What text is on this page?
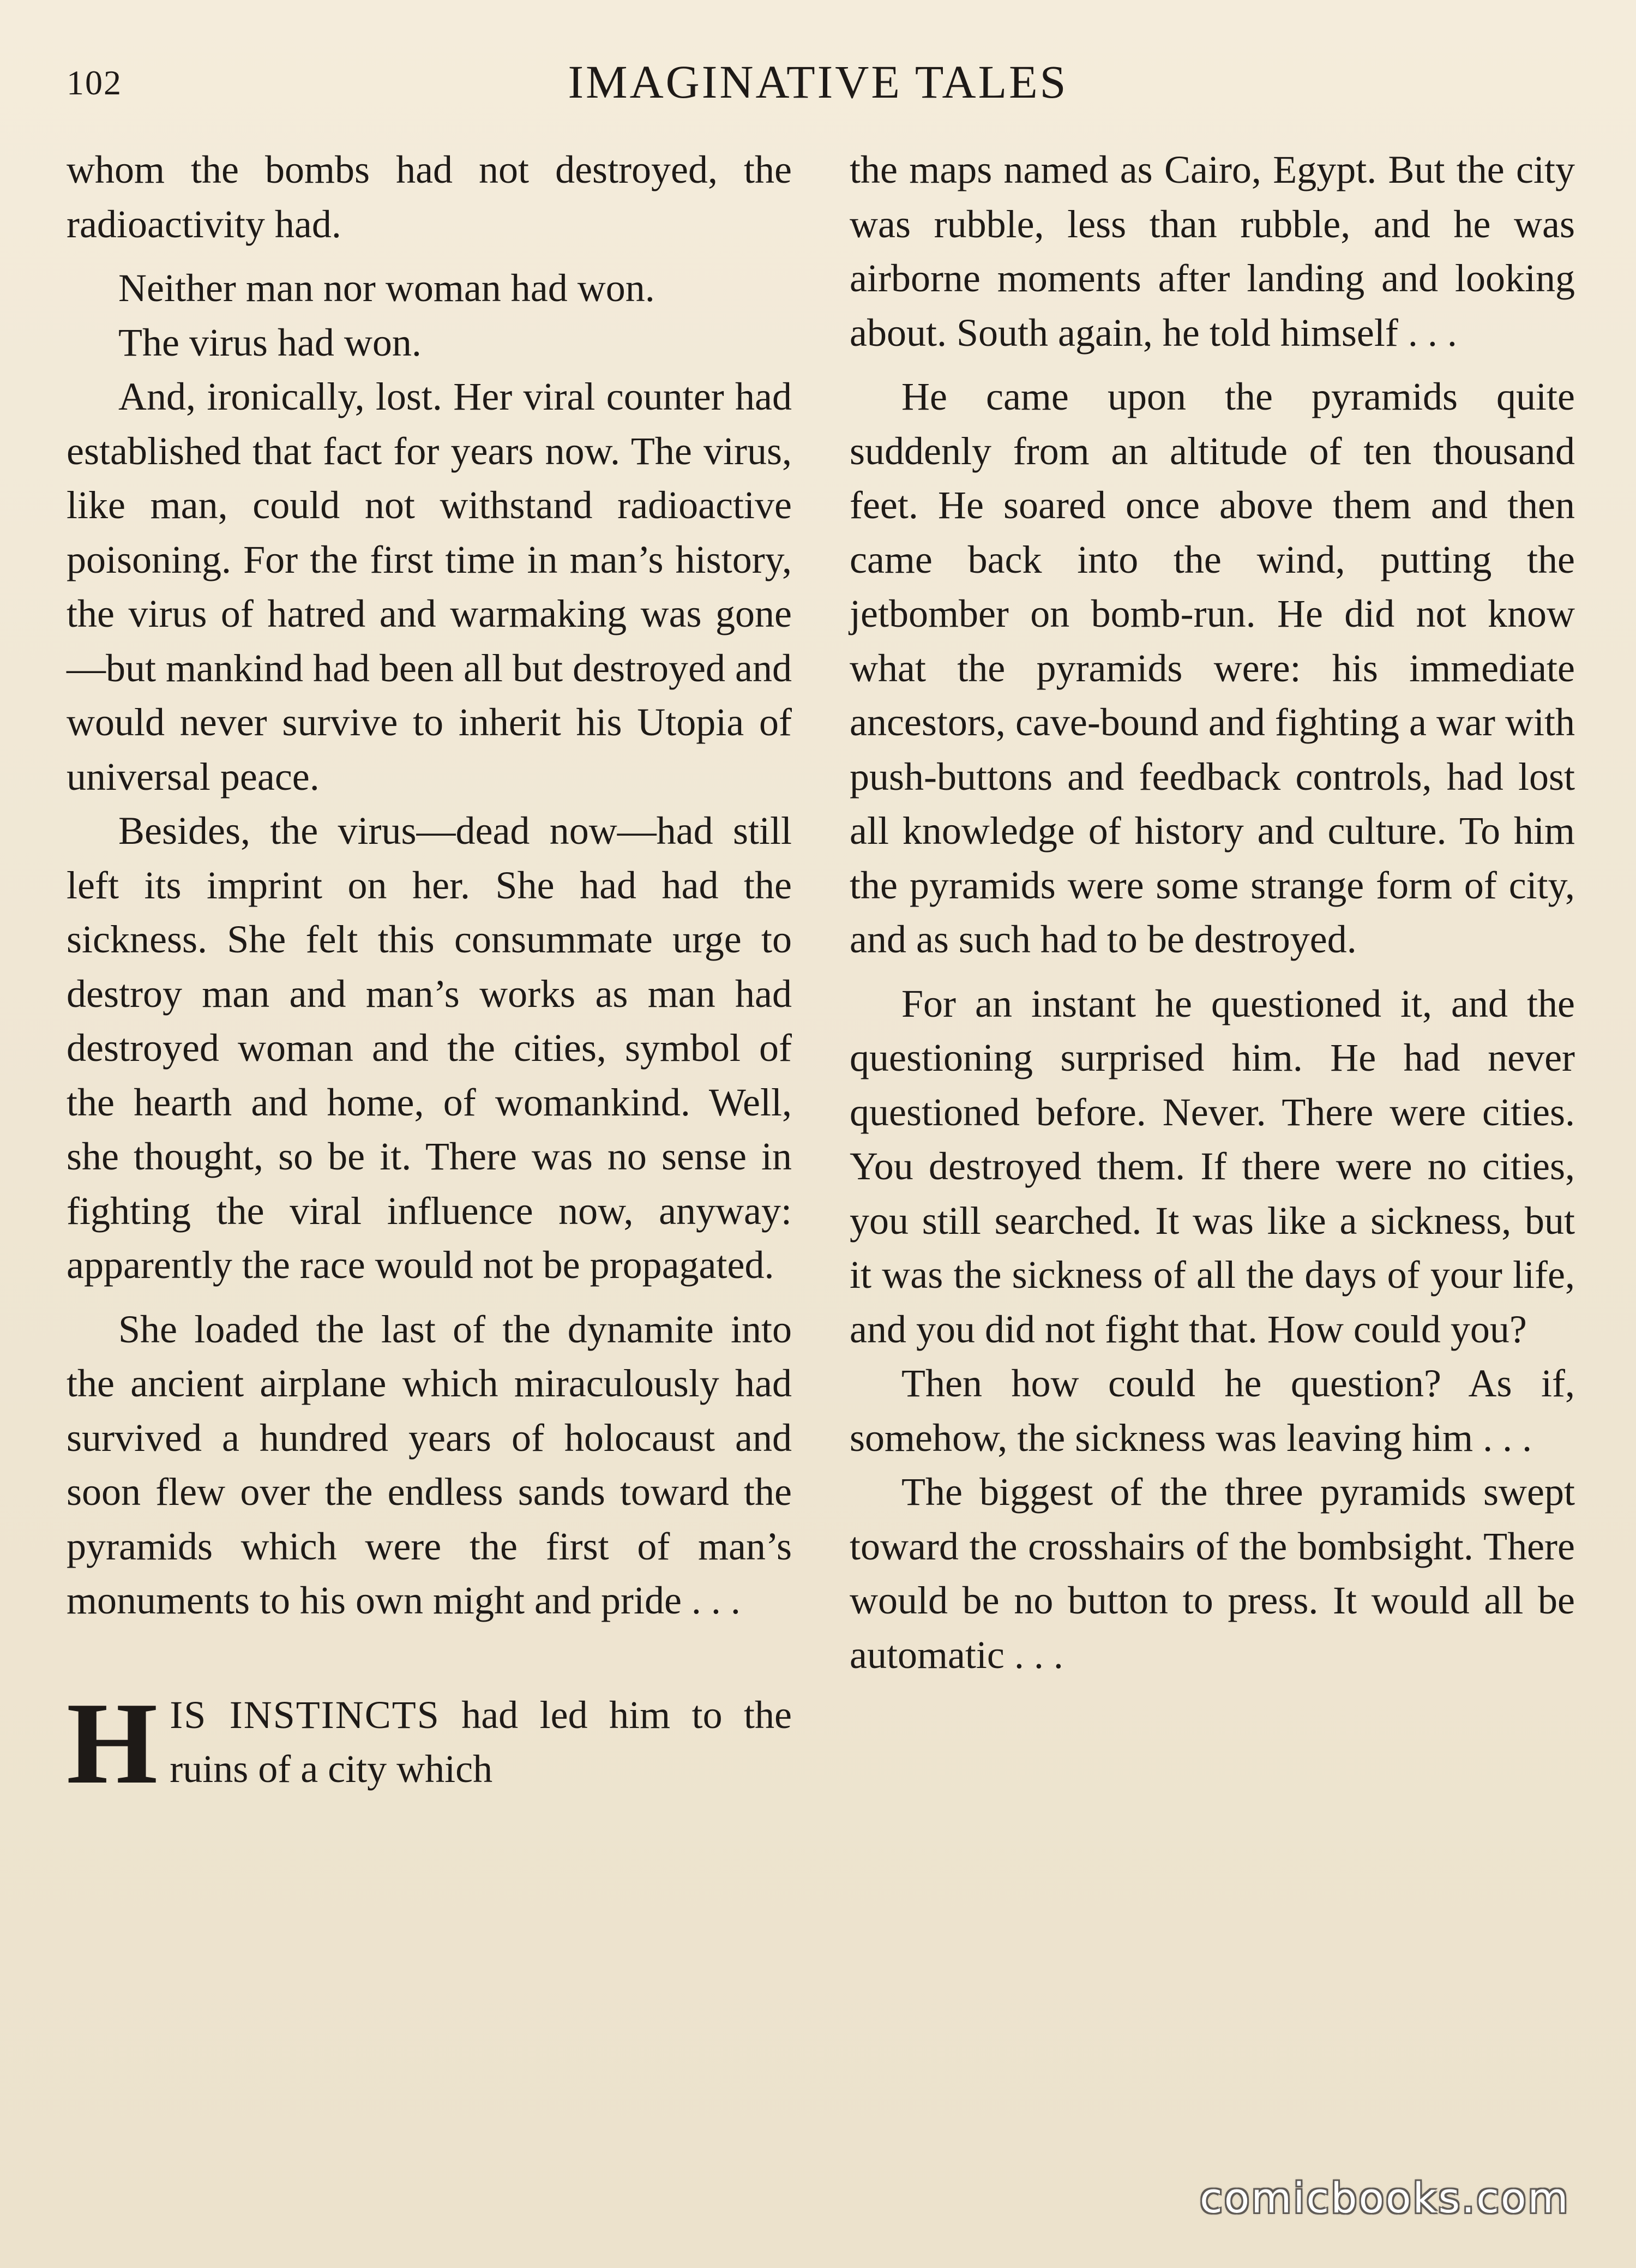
102	IMAGINATIVE TALES

whom the bombs had not destroyed, the radioactivity had.

Neither man nor woman had won.

The virus had won.

And, ironically, lost. Her viral counter had established that fact for years now. The virus, like man, could not withstand radioactive poisoning. For the first time in man’s history, the virus of hatred and warmaking was gone —but mankind had been all but destroyed and would never survive to inherit his Utopia of universal peace.

Besides, the virus—dead now—had still left its imprint on her. She had had the sickness. She felt this consummate urge to destroy man and man’s works as man had destroyed woman and the cities, symbol of the hearth and home, of womankind. Well, she thought, so be it. There was no sense in fighting the viral influence now, anyway: apparently the race would not be propagated.

She loaded the last of the dynamite into the ancient airplane which miraculously had survived a hundred years of holocaust and soon flew over the endless sands toward the pyramids which were the first of man’s monuments to his own might and pride . . .

HIS INSTINCTS had led him to the ruins of a city which

the maps named as Cairo, Egypt. But the city was rubble, less than rubble, and he was airborne moments after landing and looking about. South again, he told himself . . .

He came upon the pyramids quite suddenly from an altitude of ten thousand feet. He soared once above them and then came back into the wind, putting the jetbomber on bomb-run. He did not know what the pyramids were: his immediate ancestors, cave-bound and fighting a war with push-buttons and feedback controls, had lost all knowledge of history and culture. To him the pyramids were some strange form of city, and as such had to be destroyed.

For an instant he questioned it, and the questioning surprised him. He had never questioned before. Never. There were cities. You destroyed them. If there were no cities, you still searched. It was like a sickness, but it was the sickness of all the days of your life, and you did not fight that. How could you?

Then how could he question? As if, somehow, the sickness was leaving him . . .

The biggest of the three pyramids swept toward the crosshairs of the bombsight. There would be no button to press. It would all be automatic . . .

comicbooks.com
